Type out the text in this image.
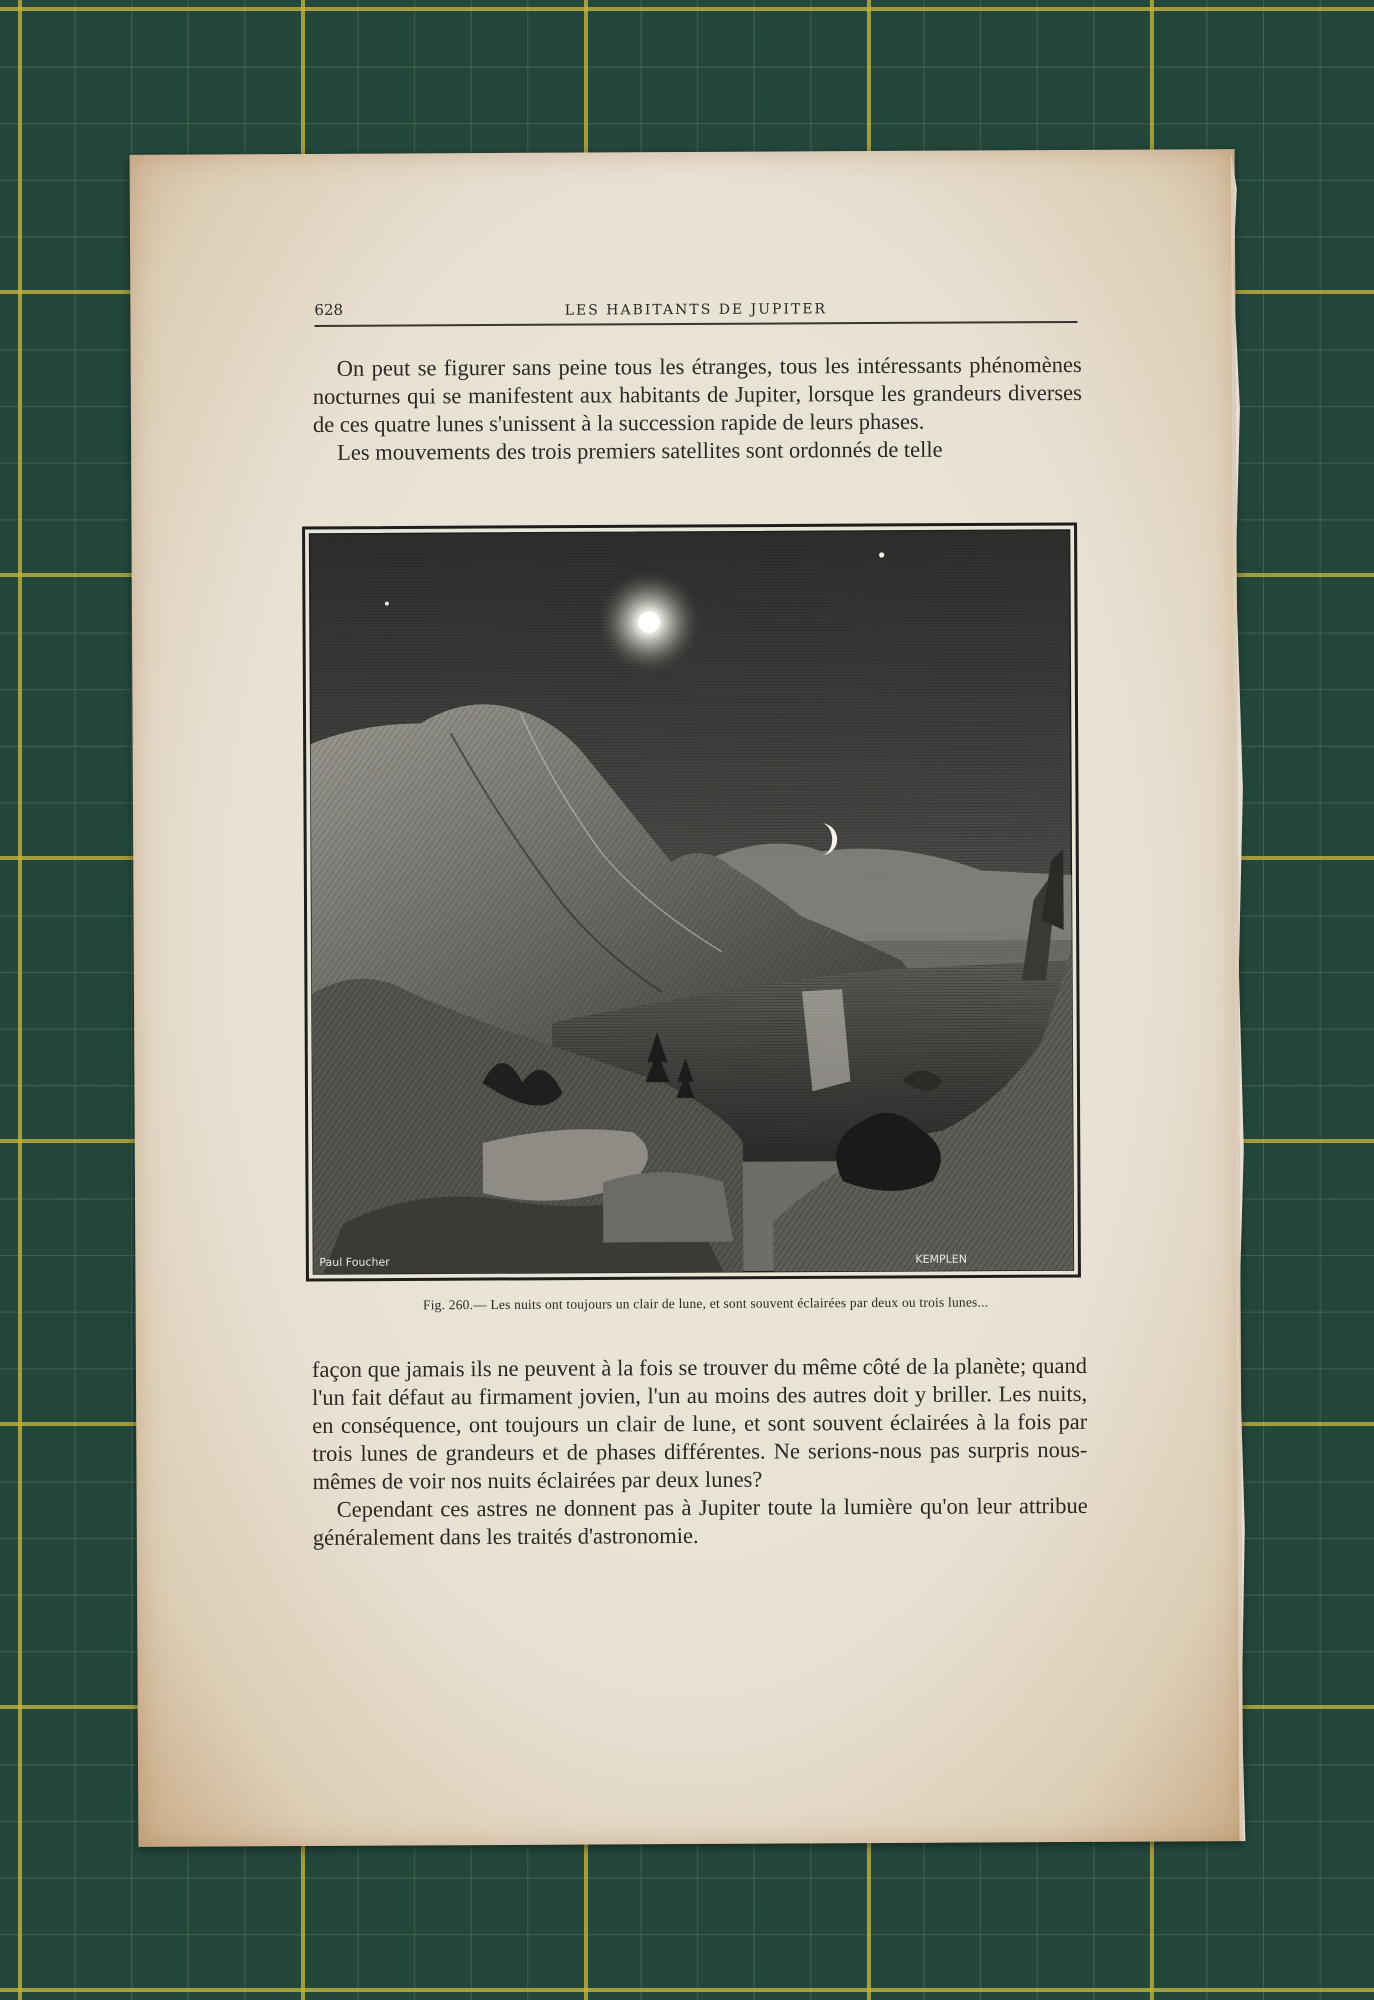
628	LES HABITANTS DE JUPITER

On peut se figurer sans peine tous les étranges, tous les intéressants phénomènes nocturnes qui se manifestent aux habitants de Jupiter, lorsque les grandeurs diverses de ces quatre lunes s'unissent à la succession rapide de leurs phases.

Les mouvements des trois premiers satellites sont ordonnés de telle

Paul Foucher	KEMPLEN
Fig. 260.— Les nuits ont toujours un clair de lune, et sont souvent éclairées par deux ou trois lunes...

façon que jamais ils ne peuvent à la fois se trouver du même côté de la planète; quand l'un fait défaut au firmament jovien, l'un au moins des autres doit y briller. Les nuits, en conséquence, ont toujours un clair de lune, et sont souvent éclairées à la fois par trois lunes de grandeurs et de phases différentes. Ne serions-nous pas surpris nous-mêmes de voir nos nuits éclairées par deux lunes?

Cependant ces astres ne donnent pas à Jupiter toute la lumière qu'on leur attribue généralement dans les traités d'astronomie.
